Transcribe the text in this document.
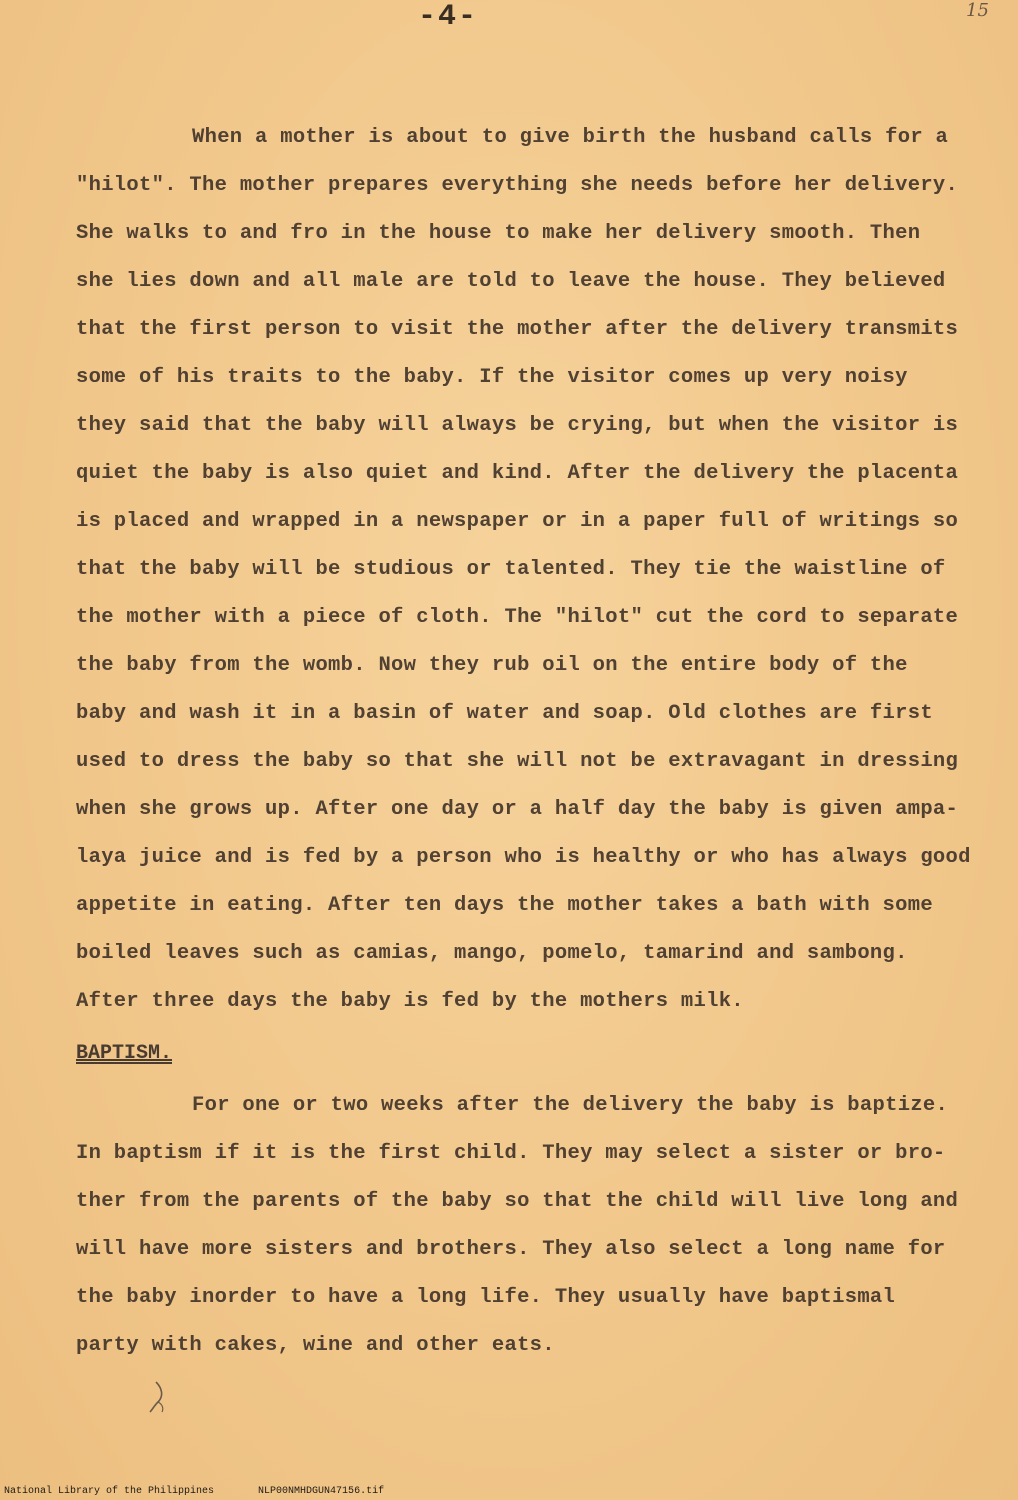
-4-	15
When a mother is about to give birth the husband calls for a
"hilot". The mother prepares everything she needs before her delivery.
She walks to and fro in the house to make her delivery smooth. Then
she lies down and all male are told to leave the house. They believed
that the first person to visit the mother after the delivery transmits
some of his traits to the baby. If the visitor comes up very noisy
they said that the baby will always be crying, but when the visitor is
quiet the baby is also quiet and kind. After the delivery the placenta
is placed and wrapped in a newspaper or in a paper full of writings so
that the baby will be studious or talented. They tie the waistline of
the mother with a piece of cloth. The "hilot" cut the cord to separate
the baby from the womb. Now they rub oil on the entire body of the
baby and wash it in a basin of water and soap. Old clothes are first
used to dress the baby so that she will not be extravagant in dressing
when she grows up. After one day or a half day the baby is given ampa-
laya juice and is fed by a person who is healthy or who has always good
appetite in eating. After ten days the mother takes a bath with some
boiled leaves such as camias, mango, pomelo, tamarind and sambong.
After three days the baby is fed by the mothers milk.
BAPTISM.
For one or two weeks after the delivery the baby is baptize.
In baptism if it is the first child. They may select a sister or bro-
ther from the parents of the baby so that the child will live long and
will have more sisters and brothers. They also select a long name for
the baby inorder to have a long life. They usually have baptismal
party with cakes, wine and other eats.
National Library of the Philippines	NLP00NMHDGUN47156.tif
